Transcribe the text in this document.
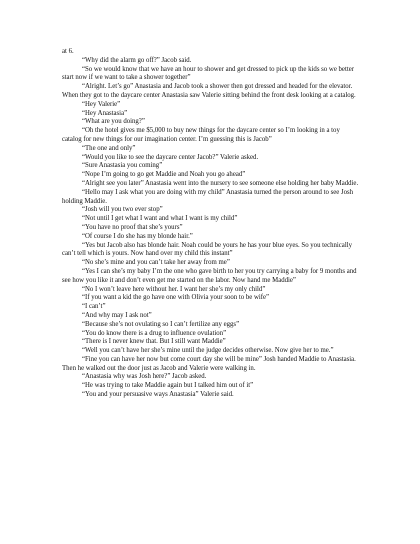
at 6.

“Why did the alarm go off?” Jacob said.

“So we would know that we have an hour to shower and get dressed to pick up the kids so we better start now if we want to take a shower together”

“Alright. Let’s go” Anastasia and Jacob took a shower then got dressed and headed for the elevator. When they got to the daycare center Anastasia saw Valerie sitting behind the front desk looking at a catalog.

“Hey Valerie”

“Hey Anastasia”

“What are you doing?”

“Oh the hotel gives me $5,000 to buy new things for the daycare center so I’m looking in a toy catalog for new things for our imagination center. I’m guessing this is Jacob”

“The one and only”

“Would you like to see the daycare center Jacob?” Valerie asked.

“Sure Anastasia you coming”

“Nope I’m going to go get Maddie and Noah you go ahead”

“Alright see you later” Anastasia went into the nursery to see someone else holding her baby Maddie.

“Hello may I ask what you are doing with my child” Anastasia turned the person around to see Josh holding Maddie.

“Josh will you two ever stop”

“Not until I get what I want and what I want is my child”

“You have no proof that she’s yours”

“Of course I do she has my blonde hair.”

“Yes but Jacob also has blonde hair. Noah could be yours he has your blue eyes. So you technically can’t tell which is yours. Now hand over my child this instant”

“No she’s mine and you can’t take her away from me”

“Yes I can she’s my baby I’m the one who gave birth to her you try carrying a baby for 9 months and see how you like it and don’t even get me started on the labor. Now hand me Maddie”

“No I won’t leave here without her. I want her she’s my only child”

“If you want a kid the go have one with Olivia your soon to be wife”

“I can’t”

“And why may I ask not”

“Because she’s not ovulating so I can’t fertilize any eggs”

“You do know there is a drug to influence ovulation”

“There is I never knew that. But I still want Maddie”

“Well you can’t have her she’s mine until the judge decides otherwise. Now give her to me.”

“Fine you can have her now but come court day she will be mine” Josh handed Maddie to Anastasia. Then he walked out the door just as Jacob and Valerie were walking in.

“Anastasia why was Josh here?” Jacob asked.

“He was trying to take Maddie again but I talked him out of it”

“You and your persuasive ways Anastasia” Valerie said.
